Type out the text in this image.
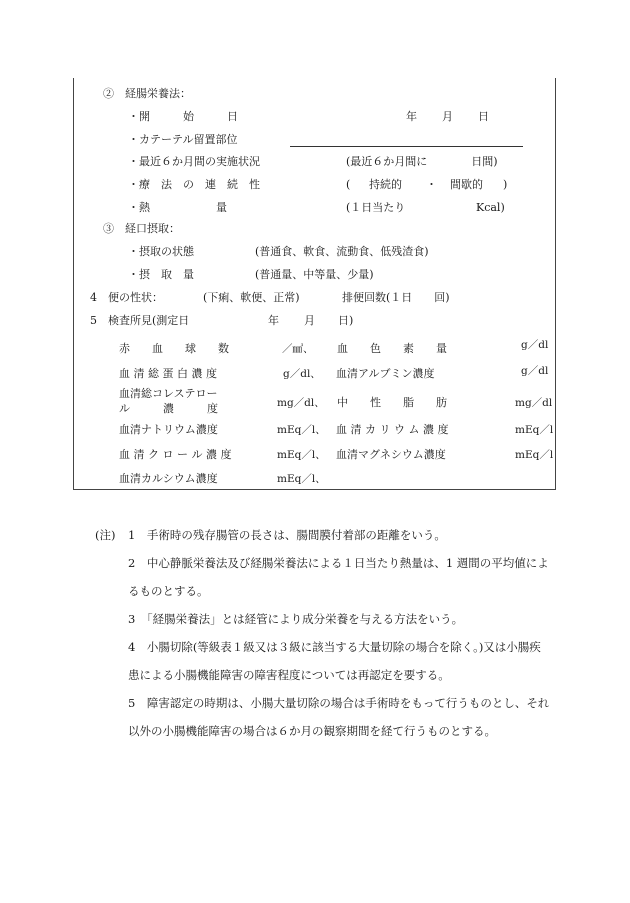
②　経腸栄養法：
・開　　　始　　　日	年 月 日
・カテーテル留置部位
・最近６か月間の実施状況	(最近６か月間に　　　　日間)
・療　法　の　連　続　性	( 持続的 ・ 間歇的 )
・熱　　　　　　量	(１日当たり	Kcal)
③　経口摂取：
・摂取の状態	(普通食、軟食、流動食、低残渣食)
・摂　取　量	(普通量、中等量、少量)
4　便の性状：	(下痢、軟便、正常)	排便回数(１日　　回)
5　検査所見(測定日	年 月 日)
赤　　血　　球　　数	／㎣、 血　　色　　素　　量	g／dl
血 清 総 蛋 白 濃 度	g／dl、 血清アルブミン濃度	g／dl
血清総コレステロー
ル　　　濃　　　度	mg／dl、 中　　性　　脂　　肪	mg／dl
血清ナトリウム濃度	mEq／l、 血 清 カ リ ウ ム 濃 度	mEq／l
血 清 ク ロ ー ル 濃 度	mEq／l、 血清マグネシウム濃度	mEq／l
血清カルシウム濃度	mEq／l、
(注) 1　手術時の残存腸管の長さは、腸間膜付着部の距離をいう。
2　中心静脈栄養法及び経腸栄養法による１日当たり熱量は、1 週間の平均値によ
るものとする。
3　「経腸栄養法」とは経管により成分栄養を与える方法をいう。
4　小腸切除(等級表１級又は３級に該当する大量切除の場合を除く。)又は小腸疾
患による小腸機能障害の障害程度については再認定を要する。
5　障害認定の時期は、小腸大量切除の場合は手術時をもって行うものとし、それ
以外の小腸機能障害の場合は６か月の観察期間を経て行うものとする。
